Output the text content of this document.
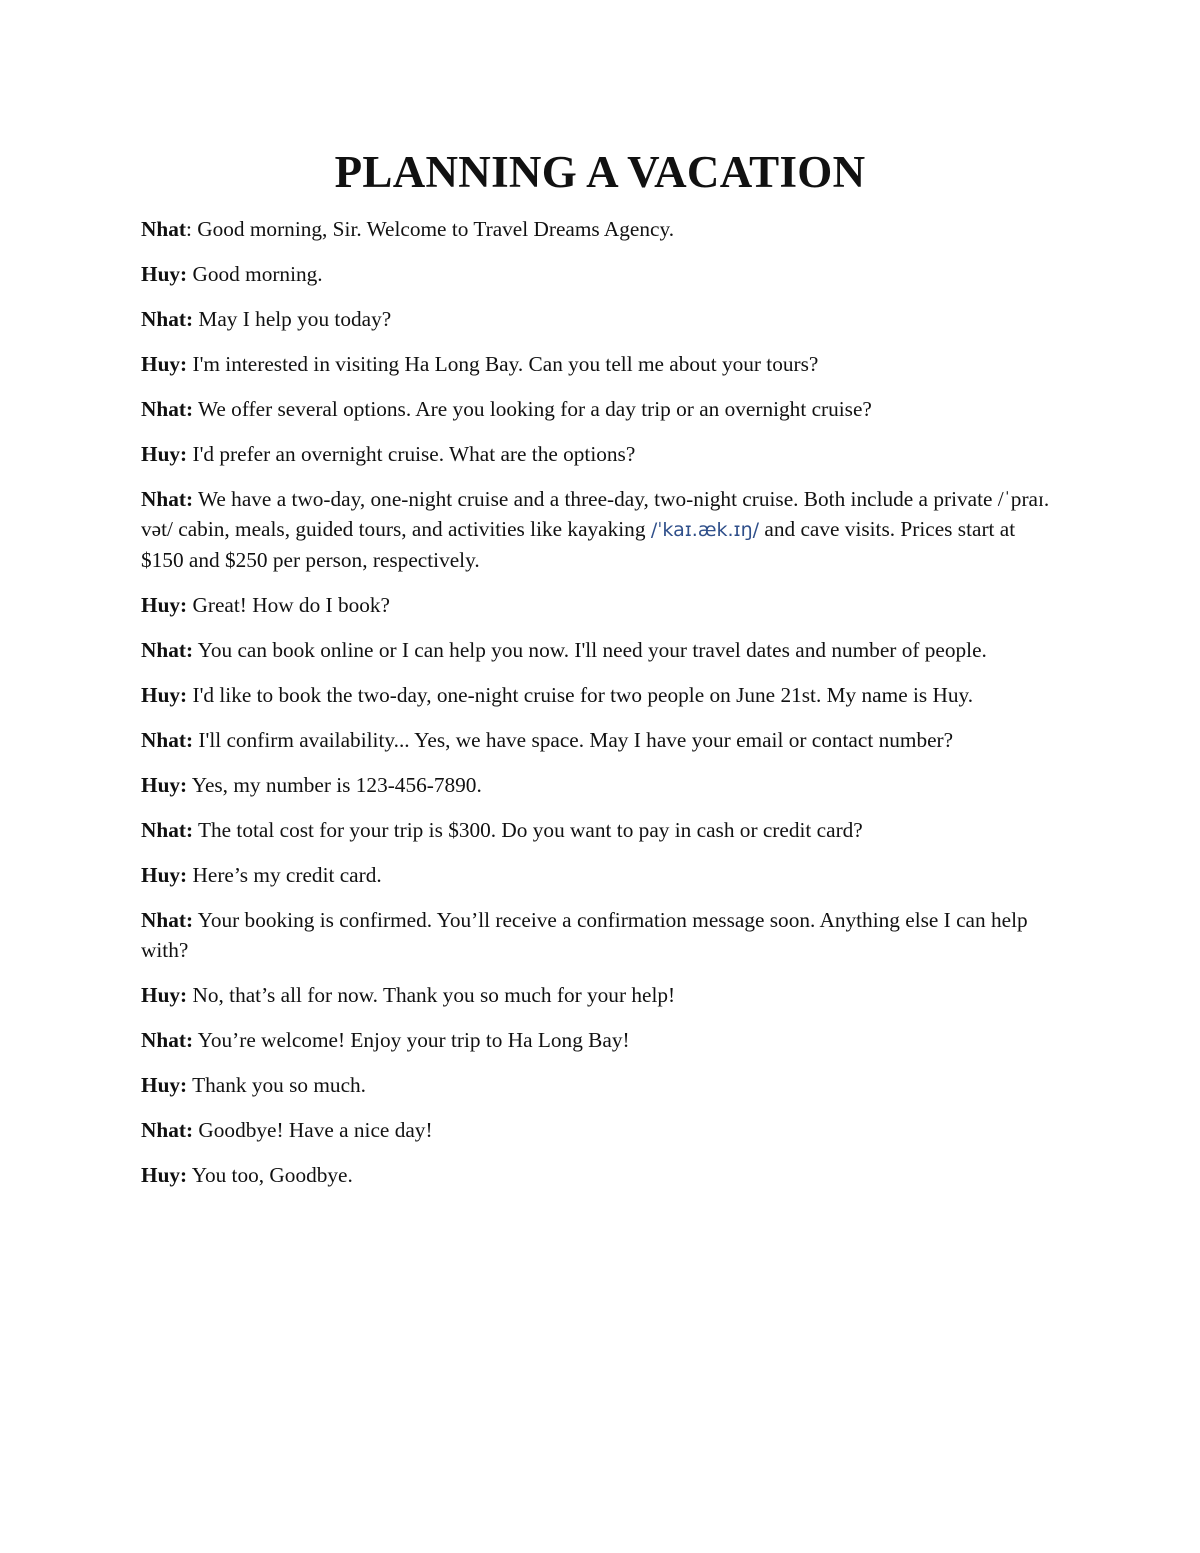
PLANNING A VACATION

Nhat: Good morning, Sir. Welcome to Travel Dreams Agency.

Huy: Good morning.

Nhat: May I help you today?

Huy: I'm interested in visiting Ha Long Bay. Can you tell me about your tours?

Nhat: We offer several options. Are you looking for a day trip or an overnight cruise?

Huy: I'd prefer an overnight cruise. What are the options?

Nhat: We have a two-day, one-night cruise and a three-day, two-night cruise. Both include a private /ˈpraɪ. vət/ cabin, meals, guided tours, and activities like kayaking /ˈkaɪ.æk.ɪŋ/ and cave visits. Prices start at $150 and $250 per person, respectively.

Huy: Great! How do I book?

Nhat: You can book online or I can help you now. I'll need your travel dates and number of people.

Huy: I'd like to book the two-day, one-night cruise for two people on June 21st. My name is Huy.

Nhat: I'll confirm availability... Yes, we have space. May I have your email or contact number?

Huy: Yes, my number is 123-456-7890.

Nhat: The total cost for your trip is $300. Do you want to pay in cash or credit card?

Huy: Here’s my credit card.

Nhat: Your booking is confirmed. You’ll receive a confirmation message soon. Anything else I can help with?

Huy: No, that’s all for now. Thank you so much for your help!

Nhat: You’re welcome! Enjoy your trip to Ha Long Bay!

Huy: Thank you so much.

Nhat: Goodbye! Have a nice day!

Huy: You too, Goodbye.
